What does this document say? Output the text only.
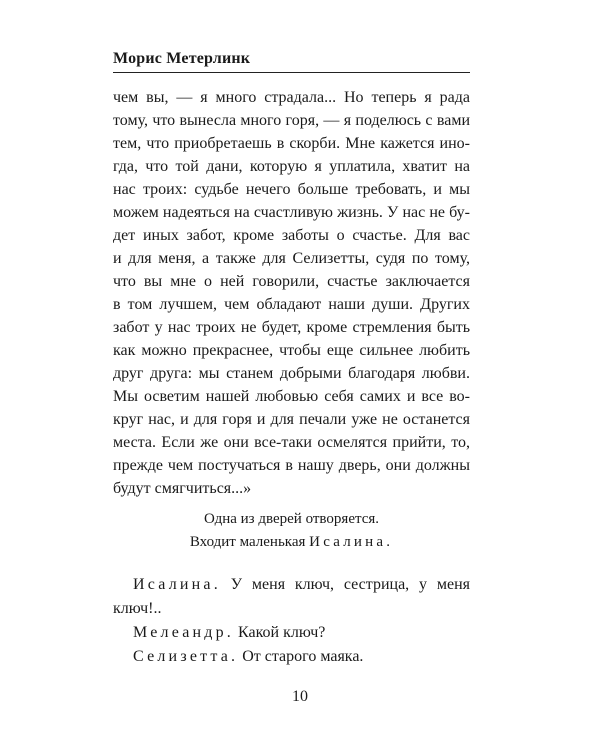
Морис Метерлинк
чем вы, — я много страдала... Но теперь я рада
тому, что вынесла много горя, — я поделюсь с вами
тем, что приобретаешь в скорби. Мне кажется ино-
гда, что той дани, которую я уплатила, хватит на
нас троих: судьбе нечего больше требовать, и мы
можем надеяться на счастливую жизнь. У нас не бу-
дет иных забот, кроме заботы о счастье. Для вас
и для меня, а также для Селизетты, судя по тому,
что вы мне о ней говорили, счастье заключается
в том лучшем, чем обладают наши души. Других
забот у нас троих не будет, кроме стремления быть
как можно прекраснее, чтобы еще сильнее любить
друг друга: мы станем добрыми благодаря любви.
Мы осветим нашей любовью себя самих и все во-
круг нас, и для горя и для печали уже не останется
места. Если же они все-таки осмелятся прийти, то,
прежде чем постучаться в нашу дверь, они должны
будут смягчиться...»
Одна из дверей отворяется.
Входит маленькая Исалина.
Исалина. У меня ключ, сестрица, у меня
ключ!..
Мелеандр. Какой ключ?
Селизетта. От старого маяка.
10
